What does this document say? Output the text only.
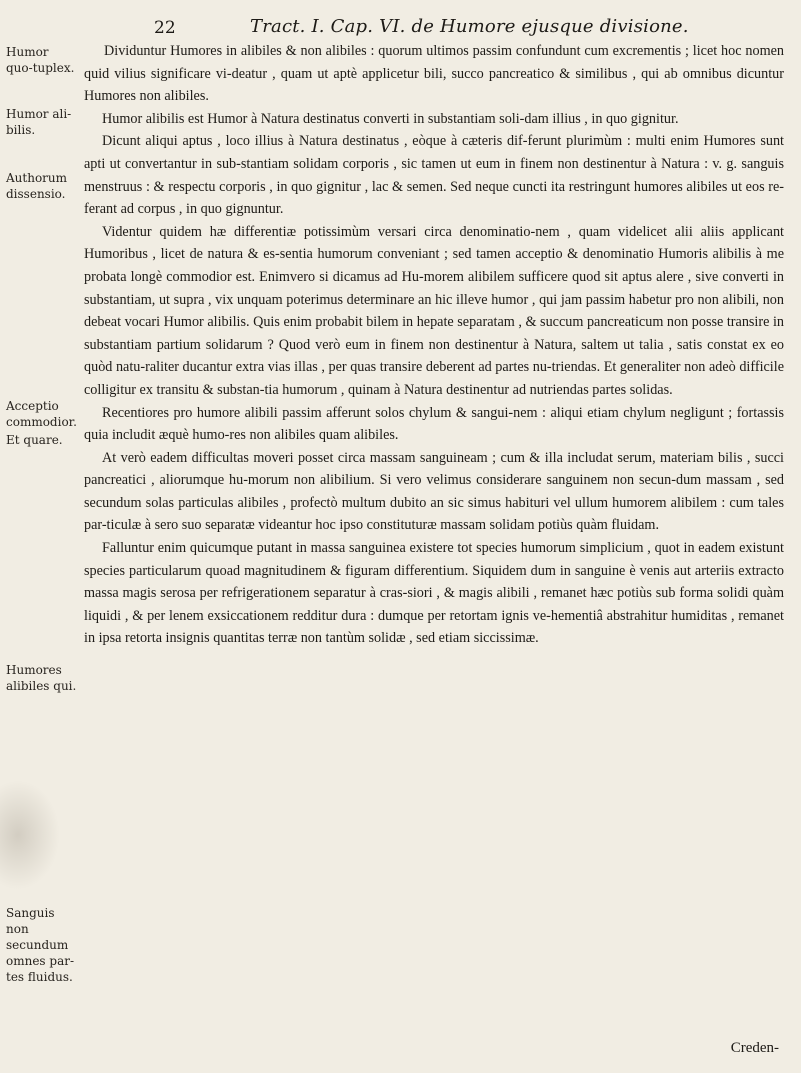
22	Tract. I. Cap. VI. de Humore ejusque divisione.
Humor quo-tuplex.
Humor ali-bilis.
Authorum dissensio.
Acceptio commodior.
Et quare.
Humores alibiles qui.
Sanguis non secundum omnes par-tes fluidus.

Dividuntur Humores in alibiles & non alibiles : quorum ultimos passim confundunt cum excrementis ; licet hoc nomen quid vilius significare vi-deatur , quam ut aptè applicetur bili, succo pancreatico & similibus , qui ab omnibus dicuntur Humores non alibiles.

Humor alibilis est Humor à Natura destinatus converti in substantiam soli-dam illius , in quo gignitur.

Dicunt aliqui aptus , loco illius à Natura destinatus , eòque à cæteris dif-ferunt plurimùm : multi enim Humores sunt apti ut convertantur in sub-stantiam solidam corporis , sic tamen ut eum in finem non destinentur à Natura : v. g. sanguis menstruus : & respectu corporis , in quo gignitur , lac & semen. Sed neque cuncti ita restringunt humores alibiles ut eos re-ferant ad corpus , in quo gignuntur.

Videntur quidem hæ differentiæ potissimùm versari circa denominatio-nem , quam videlicet alii aliis applicant Humoribus , licet de natura & es-sentia humorum conveniant ; sed tamen acceptio & denominatio Humoris alibilis à me probata longè commodior est. Enimvero si dicamus ad Hu-morem alibilem sufficere quod sit aptus alere , sive converti in substantiam, ut supra , vix unquam poterimus determinare an hic illeve humor , qui jam passim habetur pro non alibili, non debeat vocari Humor alibilis. Quis enim probabit bilem in hepate separatam , & succum pancreaticum non posse transire in substantiam partium solidarum ? Quod verò eum in finem non destinentur à Natura, saltem ut talia , satis constat ex eo quòd natu-raliter ducantur extra vias illas , per quas transire deberent ad partes nu-triendas. Et generaliter non adeò difficile colligitur ex transitu & substan-tia humorum , quinam à Natura destinentur ad nutriendas partes solidas.

Recentiores pro humore alibili passim afferunt solos chylum & sangui-nem : aliqui etiam chylum negligunt ; fortassis quia includit æquè humo-res non alibiles quam alibiles.

At verò eadem difficultas moveri posset circa massam sanguineam ; cum & illa includat serum, materiam bilis , succi pancreatici , aliorumque hu-morum non alibilium. Si vero velimus considerare sanguinem non secun-dum massam , sed secundum solas particulas alibiles , profectò multum dubito an sic simus habituri vel ullum humorem alibilem : cum tales par-ticulæ à sero suo separatæ videantur hoc ipso constituturæ massam solidam potiùs quàm fluidam.

Falluntur enim quicumque putant in massa sanguinea existere tot species humorum simplicium , quot in eadem existunt species particularum quoad magnitudinem & figuram differentium. Siquidem dum in sanguine è venis aut arteriis extracto massa magis serosa per refrigerationem separatur à cras-siori , & magis alibili , remanet hæc potiùs sub forma solidi quàm liquidi , & per lenem exsiccationem redditur dura : dumque per retortam ignis ve-hementiâ abstrahitur humiditas , remanet in ipsa retorta insignis quantitas terræ non tantùm solidæ , sed etiam siccissimæ.

Creden-
